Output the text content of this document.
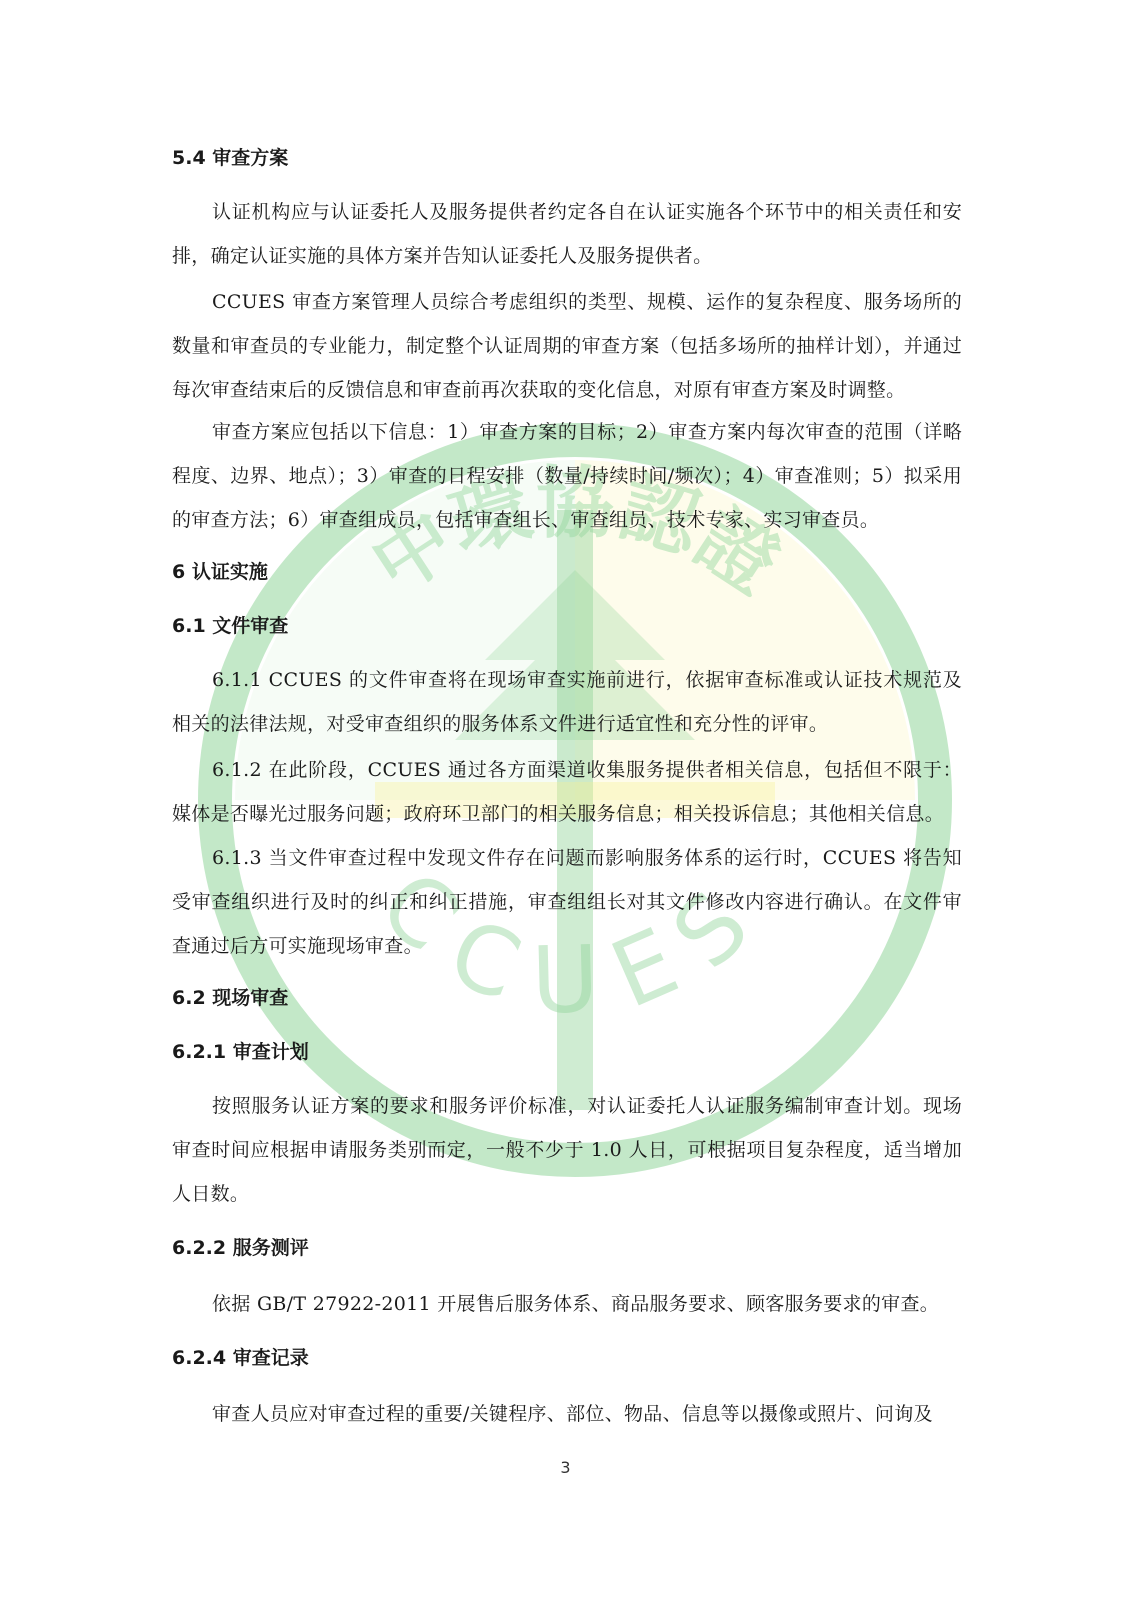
中環協認證
CCUES
5.4 审查方案
认证机构应与认证委托人及服务提供者约定各自在认证实施各个环节中的相关责任和安排，确定认证实施的具体方案并告知认证委托人及服务提供者。
CCUES 审查方案管理人员综合考虑组织的类型、规模、运作的复杂程度、服务场所的数量和审查员的专业能力，制定整个认证周期的审查方案（包括多场所的抽样计划），并通过每次审查结束后的反馈信息和审查前再次获取的变化信息，对原有审查方案及时调整。
审查方案应包括以下信息：1）审查方案的目标；2）审查方案内每次审查的范围（详略程度、边界、地点）；3）审查的日程安排（数量/持续时间/频次）；4）审查准则；5）拟采用的审查方法；6）审查组成员，包括审查组长、审查组员、技术专家、实习审查员。
6 认证实施
6.1 文件审查
6.1.1 CCUES 的文件审查将在现场审查实施前进行，依据审查标准或认证技术规范及相关的法律法规，对受审查组织的服务体系文件进行适宜性和充分性的评审。
6.1.2 在此阶段，CCUES 通过各方面渠道收集服务提供者相关信息，包括但不限于：媒体是否曝光过服务问题；政府环卫部门的相关服务信息；相关投诉信息；其他相关信息。
6.1.3 当文件审查过程中发现文件存在问题而影响服务体系的运行时，CCUES 将告知受审查组织进行及时的纠正和纠正措施，审查组组长对其文件修改内容进行确认。在文件审查通过后方可实施现场审查。
6.2 现场审查
6.2.1 审查计划
按照服务认证方案的要求和服务评价标准，对认证委托人认证服务编制审查计划。现场审查时间应根据申请服务类别而定，一般不少于 1.0 人日，可根据项目复杂程度，适当增加人日数。
6.2.2 服务测评
依据 GB/T 27922-2011 开展售后服务体系、商品服务要求、顾客服务要求的审查。
6.2.4 审查记录
审查人员应对审查过程的重要/关键程序、部位、物品、信息等以摄像或照片、问询及
3
